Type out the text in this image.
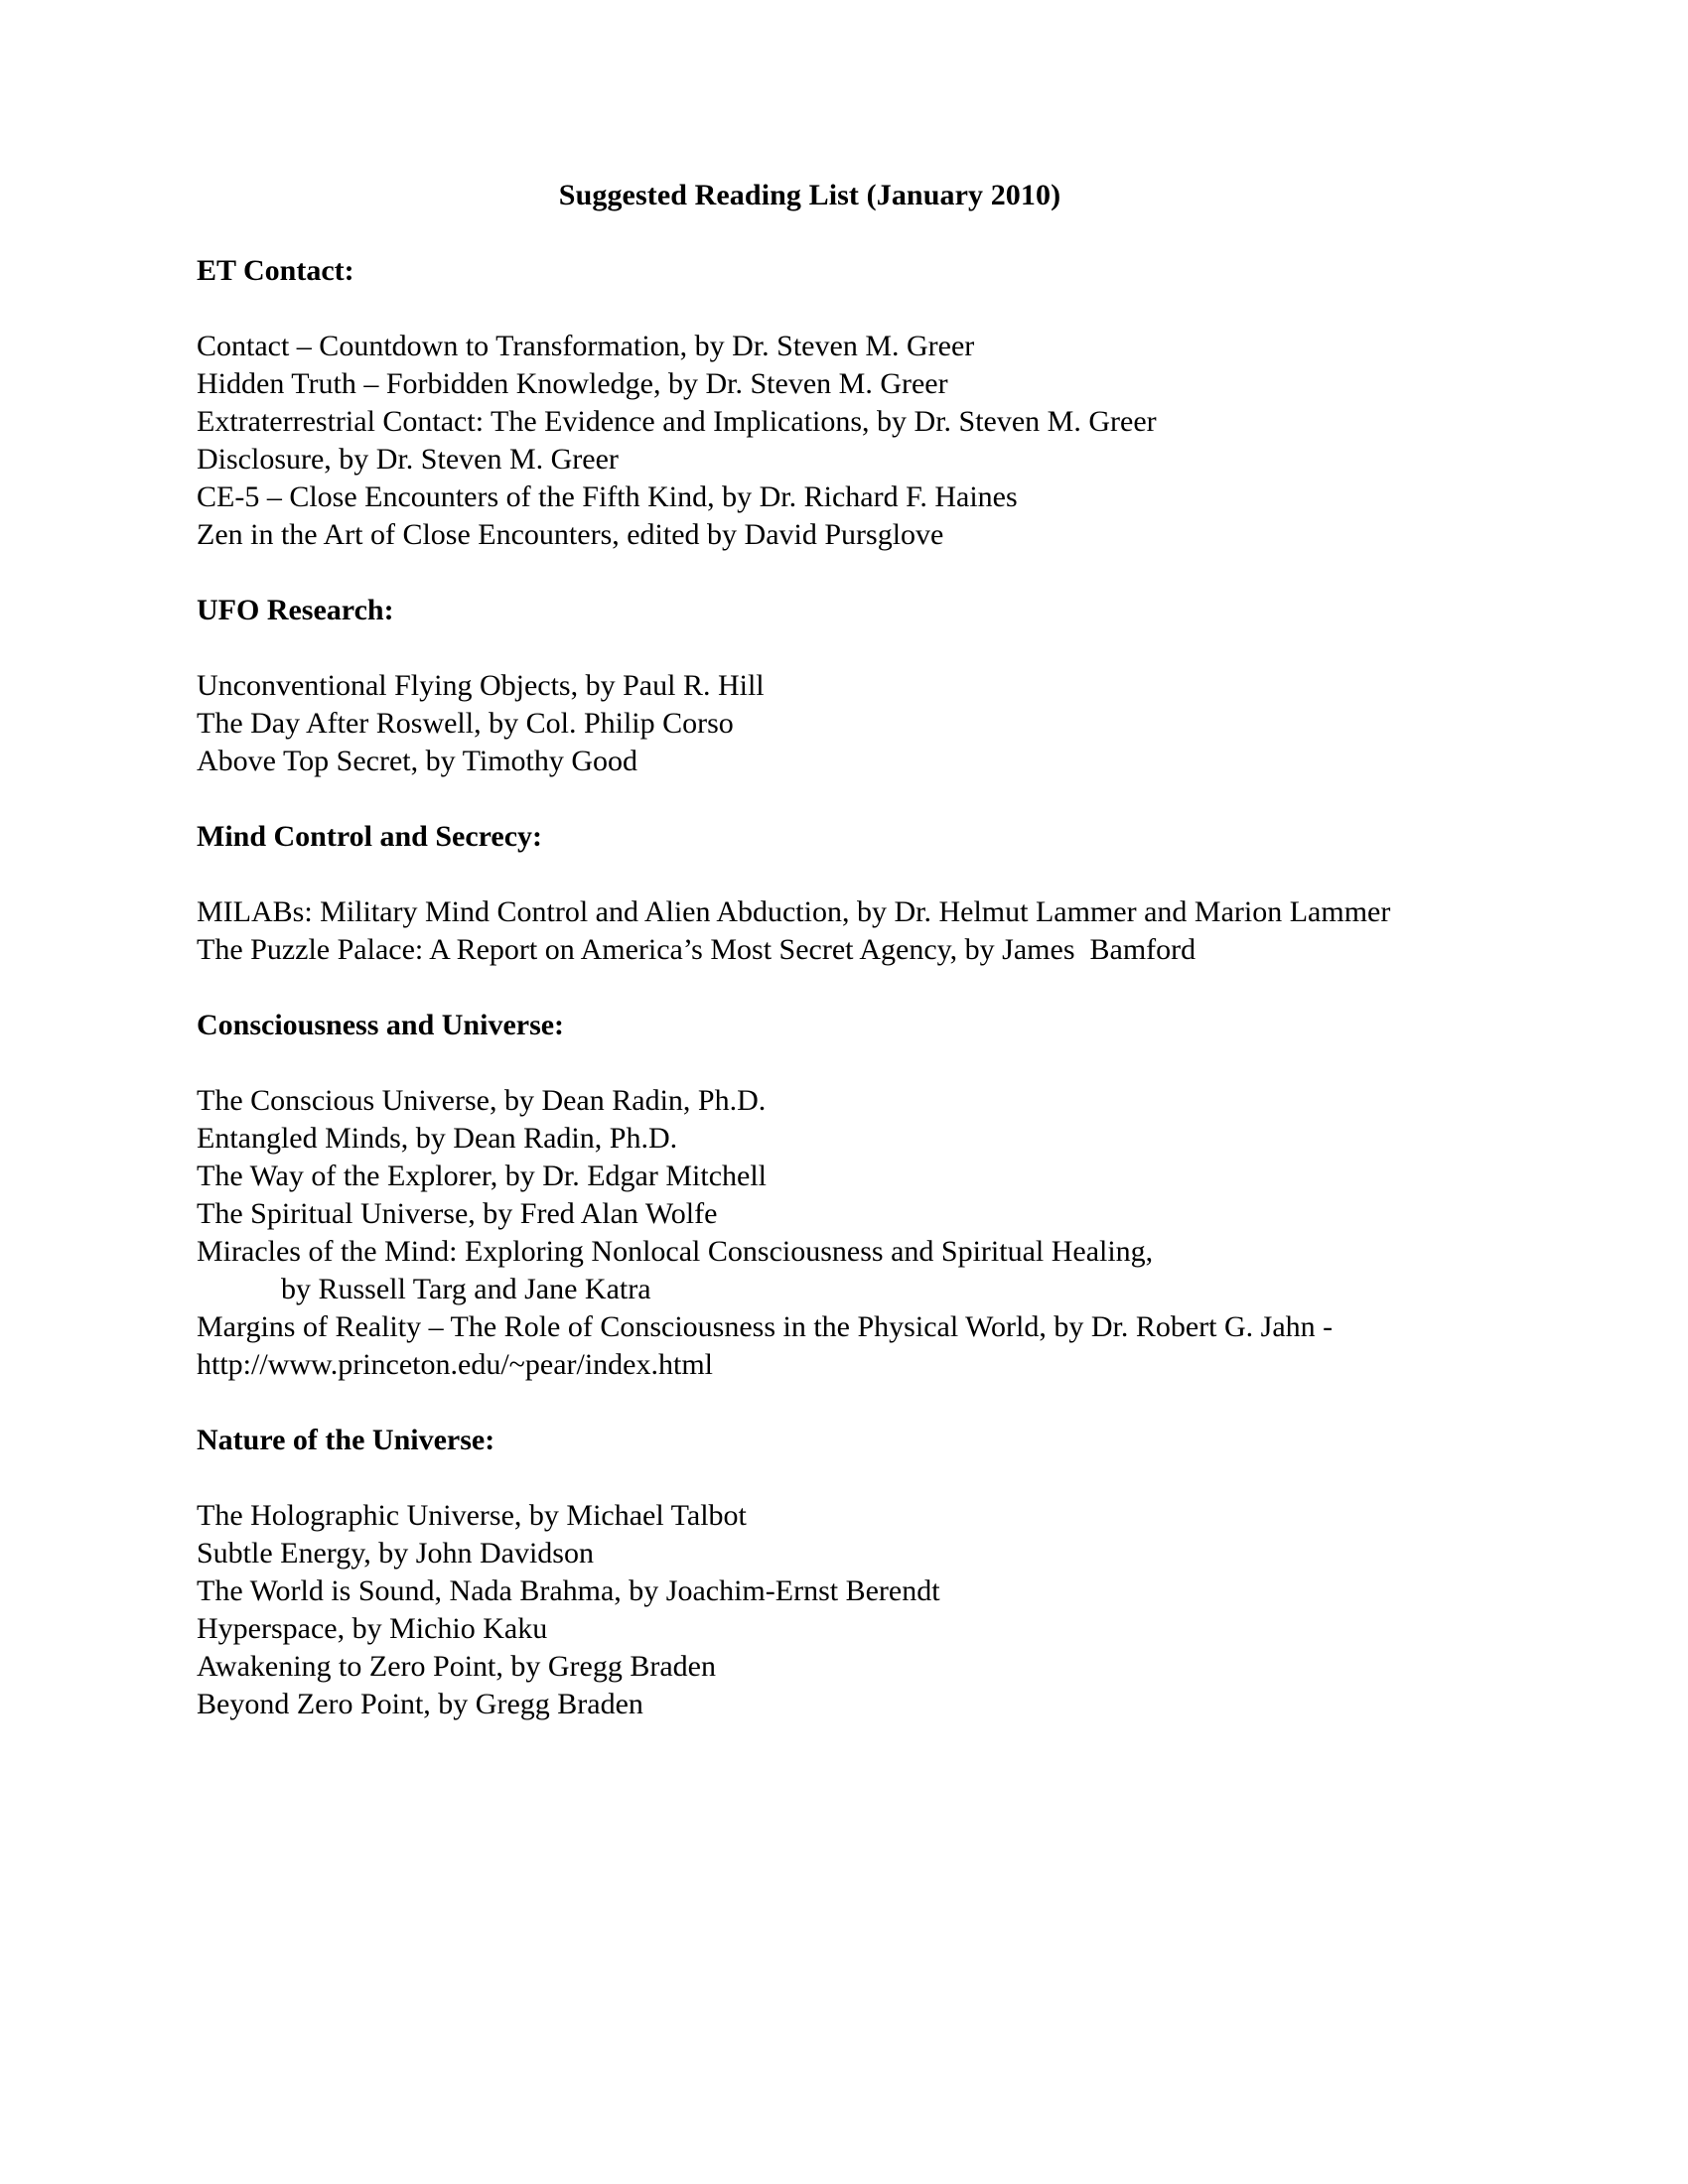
Suggested Reading List (January 2010)
ET Contact:
Contact – Countdown to Transformation, by Dr. Steven M. Greer
Hidden Truth – Forbidden Knowledge, by Dr. Steven M. Greer
Extraterrestrial Contact: The Evidence and Implications, by Dr. Steven M. Greer
Disclosure, by Dr. Steven M. Greer
CE-5 – Close Encounters of the Fifth Kind, by Dr. Richard F. Haines
Zen in the Art of Close Encounters, edited by David Pursglove
UFO Research:
Unconventional Flying Objects, by Paul R. Hill
The Day After Roswell, by Col. Philip Corso
Above Top Secret, by Timothy Good
Mind Control and Secrecy:
MILABs: Military Mind Control and Alien Abduction, by Dr. Helmut Lammer and Marion Lammer
The Puzzle Palace: A Report on America’s Most Secret Agency, by James  Bamford
Consciousness and Universe:
The Conscious Universe, by Dean Radin, Ph.D.
Entangled Minds, by Dean Radin, Ph.D.
The Way of the Explorer, by Dr. Edgar Mitchell
The Spiritual Universe, by Fred Alan Wolfe
Miracles of the Mind: Exploring Nonlocal Consciousness and Spiritual Healing,
by Russell Targ and Jane Katra
Margins of Reality – The Role of Consciousness in the Physical World, by Dr. Robert G. Jahn - http://www.princeton.edu/~pear/index.html
Nature of the Universe:
The Holographic Universe, by Michael Talbot
Subtle Energy, by John Davidson
The World is Sound, Nada Brahma, by Joachim-Ernst Berendt
Hyperspace, by Michio Kaku
Awakening to Zero Point, by Gregg Braden
Beyond Zero Point, by Gregg Braden
